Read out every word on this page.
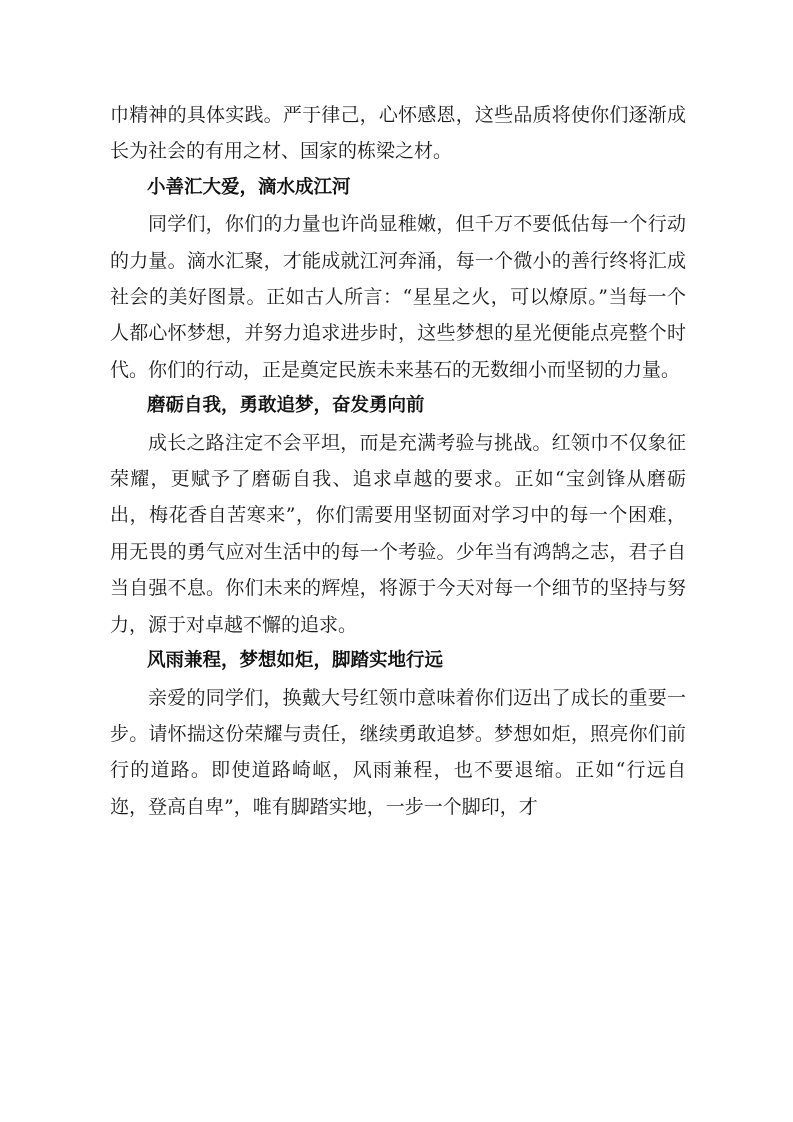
巾精神的具体实践。严于律己，心怀感恩，这些品质将使你们逐渐成长为社会的有用之材、国家的栋梁之材。

小善汇大爱，滴水成江河

同学们，你们的力量也许尚显稚嫩，但千万不要低估每一个行动的力量。滴水汇聚，才能成就江河奔涌，每一个微小的善行终将汇成社会的美好图景。正如古人所言：“星星之火，可以燎原。”当每一个人都心怀梦想，并努力追求进步时，这些梦想的星光便能点亮整个时代。你们的行动，正是奠定民族未来基石的无数细小而坚韧的力量。

磨砺自我，勇敢追梦，奋发勇向前

成长之路注定不会平坦，而是充满考验与挑战。红领巾不仅象征荣耀，更赋予了磨砺自我、追求卓越的要求。正如“宝剑锋从磨砺出，梅花香自苦寒来”，你们需要用坚韧面对学习中的每一个困难，用无畏的勇气应对生活中的每一个考验。少年当有鸿鹄之志，君子自当自强不息。你们未来的辉煌，将源于今天对每一个细节的坚持与努力，源于对卓越不懈的追求。

风雨兼程，梦想如炬，脚踏实地行远

亲爱的同学们，换戴大号红领巾意味着你们迈出了成长的重要一步。请怀揣这份荣耀与责任，继续勇敢追梦。梦想如炬，照亮你们前行的道路。即使道路崎岖，风雨兼程，也不要退缩。正如“行远自迩，登高自卑”，唯有脚踏实地，一步一个脚印，才
